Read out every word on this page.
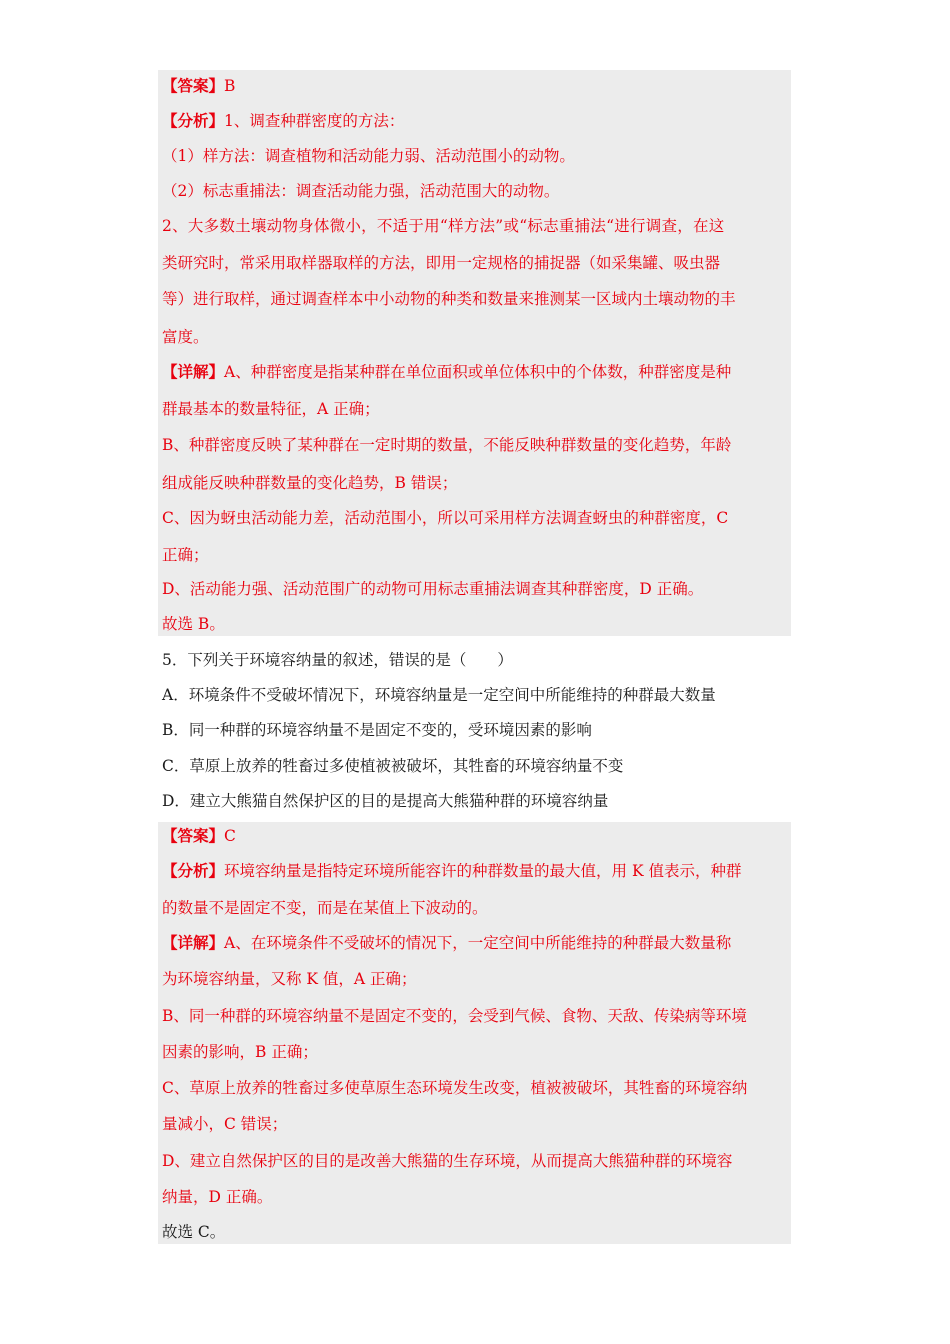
【答案】B
【分析】1、调查种群密度的方法：
（1）样方法：调查植物和活动能力弱、活动范围小的动物。
（2）标志重捕法：调查活动能力强，活动范围大的动物。
2、大多数土壤动物身体微小，不适于用“样方法”或“标志重捕法“进行调查，在这
类研究时，常采用取样器取样的方法，即用一定规格的捕捉器（如采集罐、吸虫器
等）进行取样，通过调查样本中小动物的种类和数量来推测某一区域内土壤动物的丰
富度。
【详解】A、种群密度是指某种群在单位面积或单位体积中的个体数，种群密度是种
群最基本的数量特征，A 正确；
B、种群密度反映了某种群在一定时期的数量，不能反映种群数量的变化趋势，年龄
组成能反映种群数量的变化趋势，B 错误；
C、因为蚜虫活动能力差，活动范围小，所以可采用样方法调查蚜虫的种群密度，C
正确；
D、活动能力强、活动范围广的动物可用标志重捕法调查其种群密度，D 正确。
故选 B。
5．下列关于环境容纳量的叙述，错误的是（　　）
A．环境条件不受破坏情况下，环境容纳量是一定空间中所能维持的种群最大数量
B．同一种群的环境容纳量不是固定不变的，受环境因素的影响
C．草原上放养的牲畜过多使植被被破坏，其牲畜的环境容纳量不变
D．建立大熊猫自然保护区的目的是提高大熊猫种群的环境容纳量
【答案】C
【分析】环境容纳量是指特定环境所能容许的种群数量的最大值，用 K 值表示，种群
的数量不是固定不变，而是在某值上下波动的。
【详解】A、在环境条件不受破坏的情况下，一定空间中所能维持的种群最大数量称
为环境容纳量，又称 K 值，A 正确；
B、同一种群的环境容纳量不是固定不变的，会受到气候、食物、天敌、传染病等环境
因素的影响，B 正确；
C、草原上放养的牲畜过多使草原生态环境发生改变，植被被破坏，其牲畜的环境容纳
量减小，C 错误；
D、建立自然保护区的目的是改善大熊猫的生存环境，从而提高大熊猫种群的环境容
纳量，D 正确。
故选 C。
